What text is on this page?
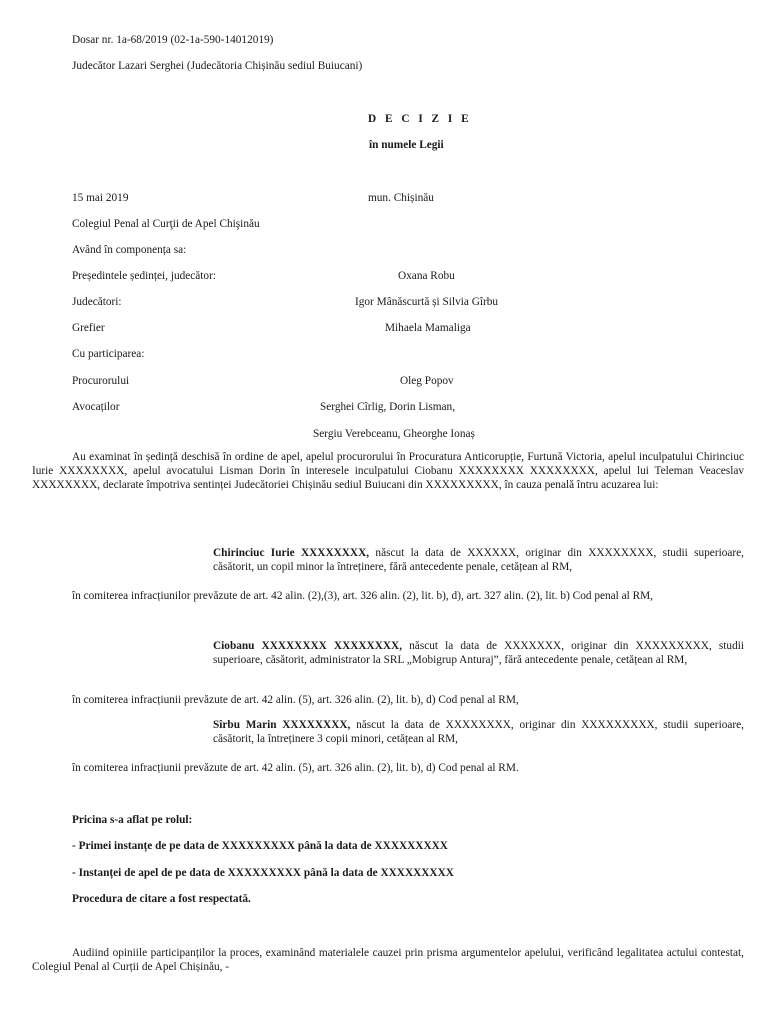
Dosar nr. 1a-68/2019 (02-1a-590-14012019)
Judecător Lazari Serghei (Judecătoria Chișinău sediul Buiucani)
D E C I Z I E
în numele Legii
15 mai 2019	mun. Chișinău
Colegiul Penal al Curţii de Apel Chişinău
Având în componența sa:
Președintele ședinței, judecător:	Oxana Robu
Judecători:	Igor Mânăscurtă și Silvia Gîrbu
Grefier	Mihaela Mamaliga
Cu participarea:
Procurorului	Oleg Popov
Avocaților	Serghei Cîrlig, Dorin Lisman,
Sergiu Verebceanu, Gheorghe Ionaș
Au examinat în ședință deschisă în ordine de apel, apelul procurorului în Procuratura Anticorupție, Furtună Victoria, apelul inculpatului Chirinciuc Iurie XXXXXXXX, apelul avocatului Lisman Dorin în interesele inculpatului Ciobanu XXXXXXXX XXXXXXXX, apelul lui Teleman Veaceslav XXXXXXXX, declarate împotriva sentinței Judecătoriei Chișinău sediul Buiucani din XXXXXXXXX, în cauza penală întru acuzarea lui:
Chirinciuc Iurie XXXXXXXX, născut la data de XXXXXX, originar din XXXXXXXX, studii superioare, căsătorit, un copil minor la întreținere, fără antecedente penale, cetățean al RM,
în comiterea infracțiunilor prevăzute de art. 42 alin. (2),(3), art. 326 alin. (2), lit. b), d), art. 327 alin. (2), lit. b) Cod penal al RM,
Ciobanu XXXXXXXX XXXXXXXX, născut la data de XXXXXXX, originar din XXXXXXXXX, studii superioare, căsătorit, administrator la SRL „Mobigrup Anturaj”, fără antecedente penale, cetățean al RM,
în comiterea infracțiunii prevăzute de art. 42 alin. (5), art. 326 alin. (2), lit. b), d) Cod penal al RM,
Sîrbu Marin XXXXXXXX, născut la data de XXXXXXXX, originar din XXXXXXXXX, studii superioare, căsătorit, la întreținere 3 copii minori, cetățean al RM,
în comiterea infracțiunii prevăzute de art. 42 alin. (5), art. 326 alin. (2), lit. b), d) Cod penal al RM.
Pricina s-a aflat pe rolul:
- Primei instanțe de pe data de XXXXXXXXX până la data de XXXXXXXXX
- Instanței de apel de pe data de XXXXXXXXX până la data de XXXXXXXXX
Procedura de citare a fost respectată.
Audiind opiniile participanților la proces, examinând materialele cauzei prin prisma argumentelor apelului, verificând legalitatea actului contestat, Colegiul Penal al Curții de Apel Chișinău, -
